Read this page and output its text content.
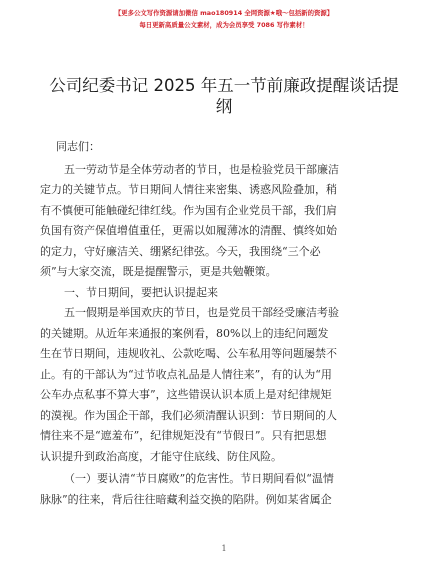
【更多公文写作资源请加微信 mao180914 全网资源★哦～包括新的资源】
每日更新高质量公文素材，成为会员享受 7086 写作素材！
公司纪委书记 2025 年五一节前廉政提醒谈话提
纲
同志们：
五一劳动节是全体劳动者的节日，也是检验党员干部廉洁
定力的关键节点。节日期间人情往来密集、诱惑风险叠加，稍
有不慎便可能触碰纪律红线。作为国有企业党员干部，我们肩
负国有资产保值增值重任，更需以如履薄冰的清醒、慎终如始
的定力，守好廉洁关、绷紧纪律弦。今天，我围绕“三个必
须”与大家交流，既是提醒警示，更是共勉鞭策。
一、节日期间，要把认识提起来
五一假期是举国欢庆的节日，也是党员干部经受廉洁考验
的关键期。从近年来通报的案例看，80%以上的违纪问题发
生在节日期间，违规收礼、公款吃喝、公车私用等问题屡禁不
止。有的干部认为“过节收点礼品是人情往来”，有的认为“用
公车办点私事不算大事”，这些错误认识本质上是对纪律规矩
的漠视。作为国企干部，我们必须清醒认识到：节日期间的人
情往来不是“遮羞布”，纪律规矩没有“节假日”。只有把思想
认识提升到政治高度，才能守住底线、防住风险。
（一）要认清“节日腐败”的危害性。节日期间看似“温情
脉脉”的往来，背后往往暗藏利益交换的陷阱。例如某省属企
1
